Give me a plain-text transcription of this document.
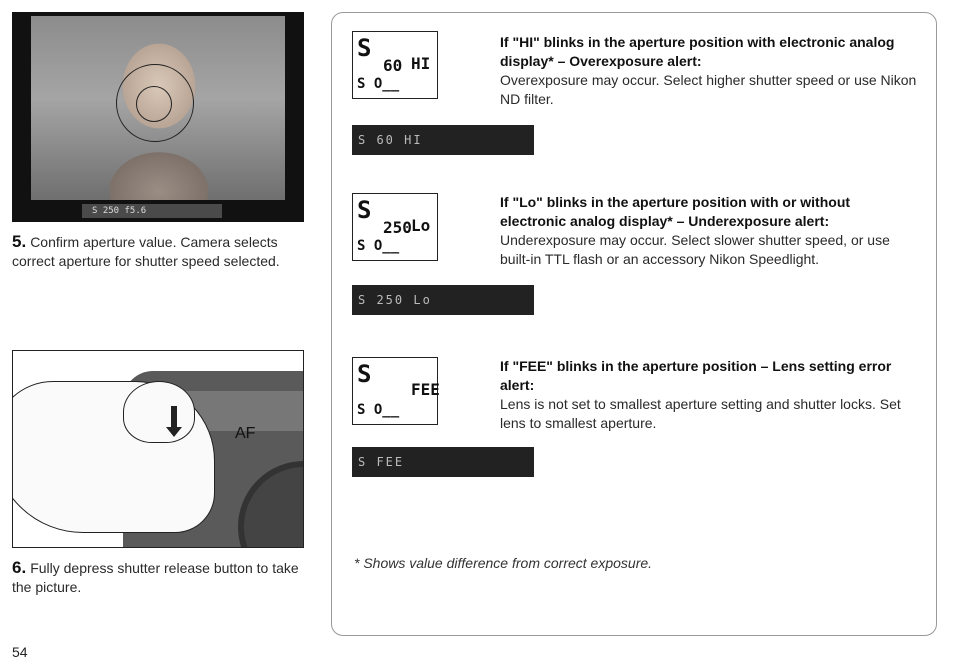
S 250 f5.6
5. Confirm aperture value. Camera selects correct aperture for shutter speed selected.
AF
6. Fully depress shutter release button to take the picture.
54
S
60 HI
S O__
S 60 HI
If "HI" blinks in the aperture position with electronic analog display* – Overexposure alert:
Overexposure may occur. Select higher shutter speed or use Nikon ND filter.
S
250 Lo
S O__
S 250 Lo
If "Lo" blinks in the aperture position with or without electronic analog display* – Underexposure alert:
Underexposure may occur. Select slower shutter speed, or use built-in TTL flash or an accessory Nikon Speedlight.
S
FEE
S O__
S FEE
If "FEE" blinks in the aperture position – Lens setting error alert:
Lens is not set to smallest aperture setting and shutter locks. Set lens to smallest aperture.
* Shows value difference from correct exposure.
